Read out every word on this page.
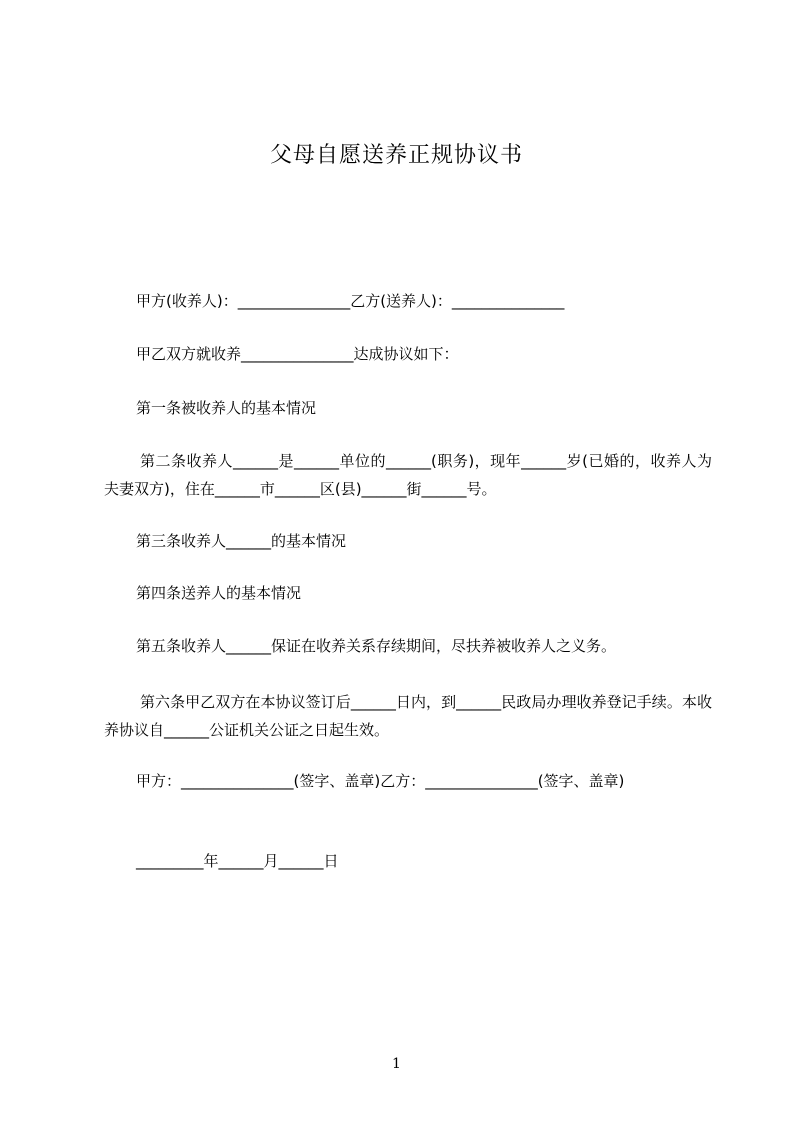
父母自愿送养正规协议书
甲方(收养人)：_______________乙方(送养人)：_______________
甲乙双方就收养_______________达成协议如下：
第一条被收养人的基本情况
第二条收养人______是______单位的______(职务)，现年______岁(已婚的，收养人为夫妻双方)，住在______市______区(县)______街______号。
第三条收养人______的基本情况
第四条送养人的基本情况
第五条收养人______保证在收养关系存续期间，尽扶养被收养人之义务。
第六条甲乙双方在本协议签订后______日内，到______民政局办理收养登记手续。本收养协议自______公证机关公证之日起生效。
甲方：_______________(签字、盖章)乙方：_______________(签字、盖章)
_________年______月______日
1
